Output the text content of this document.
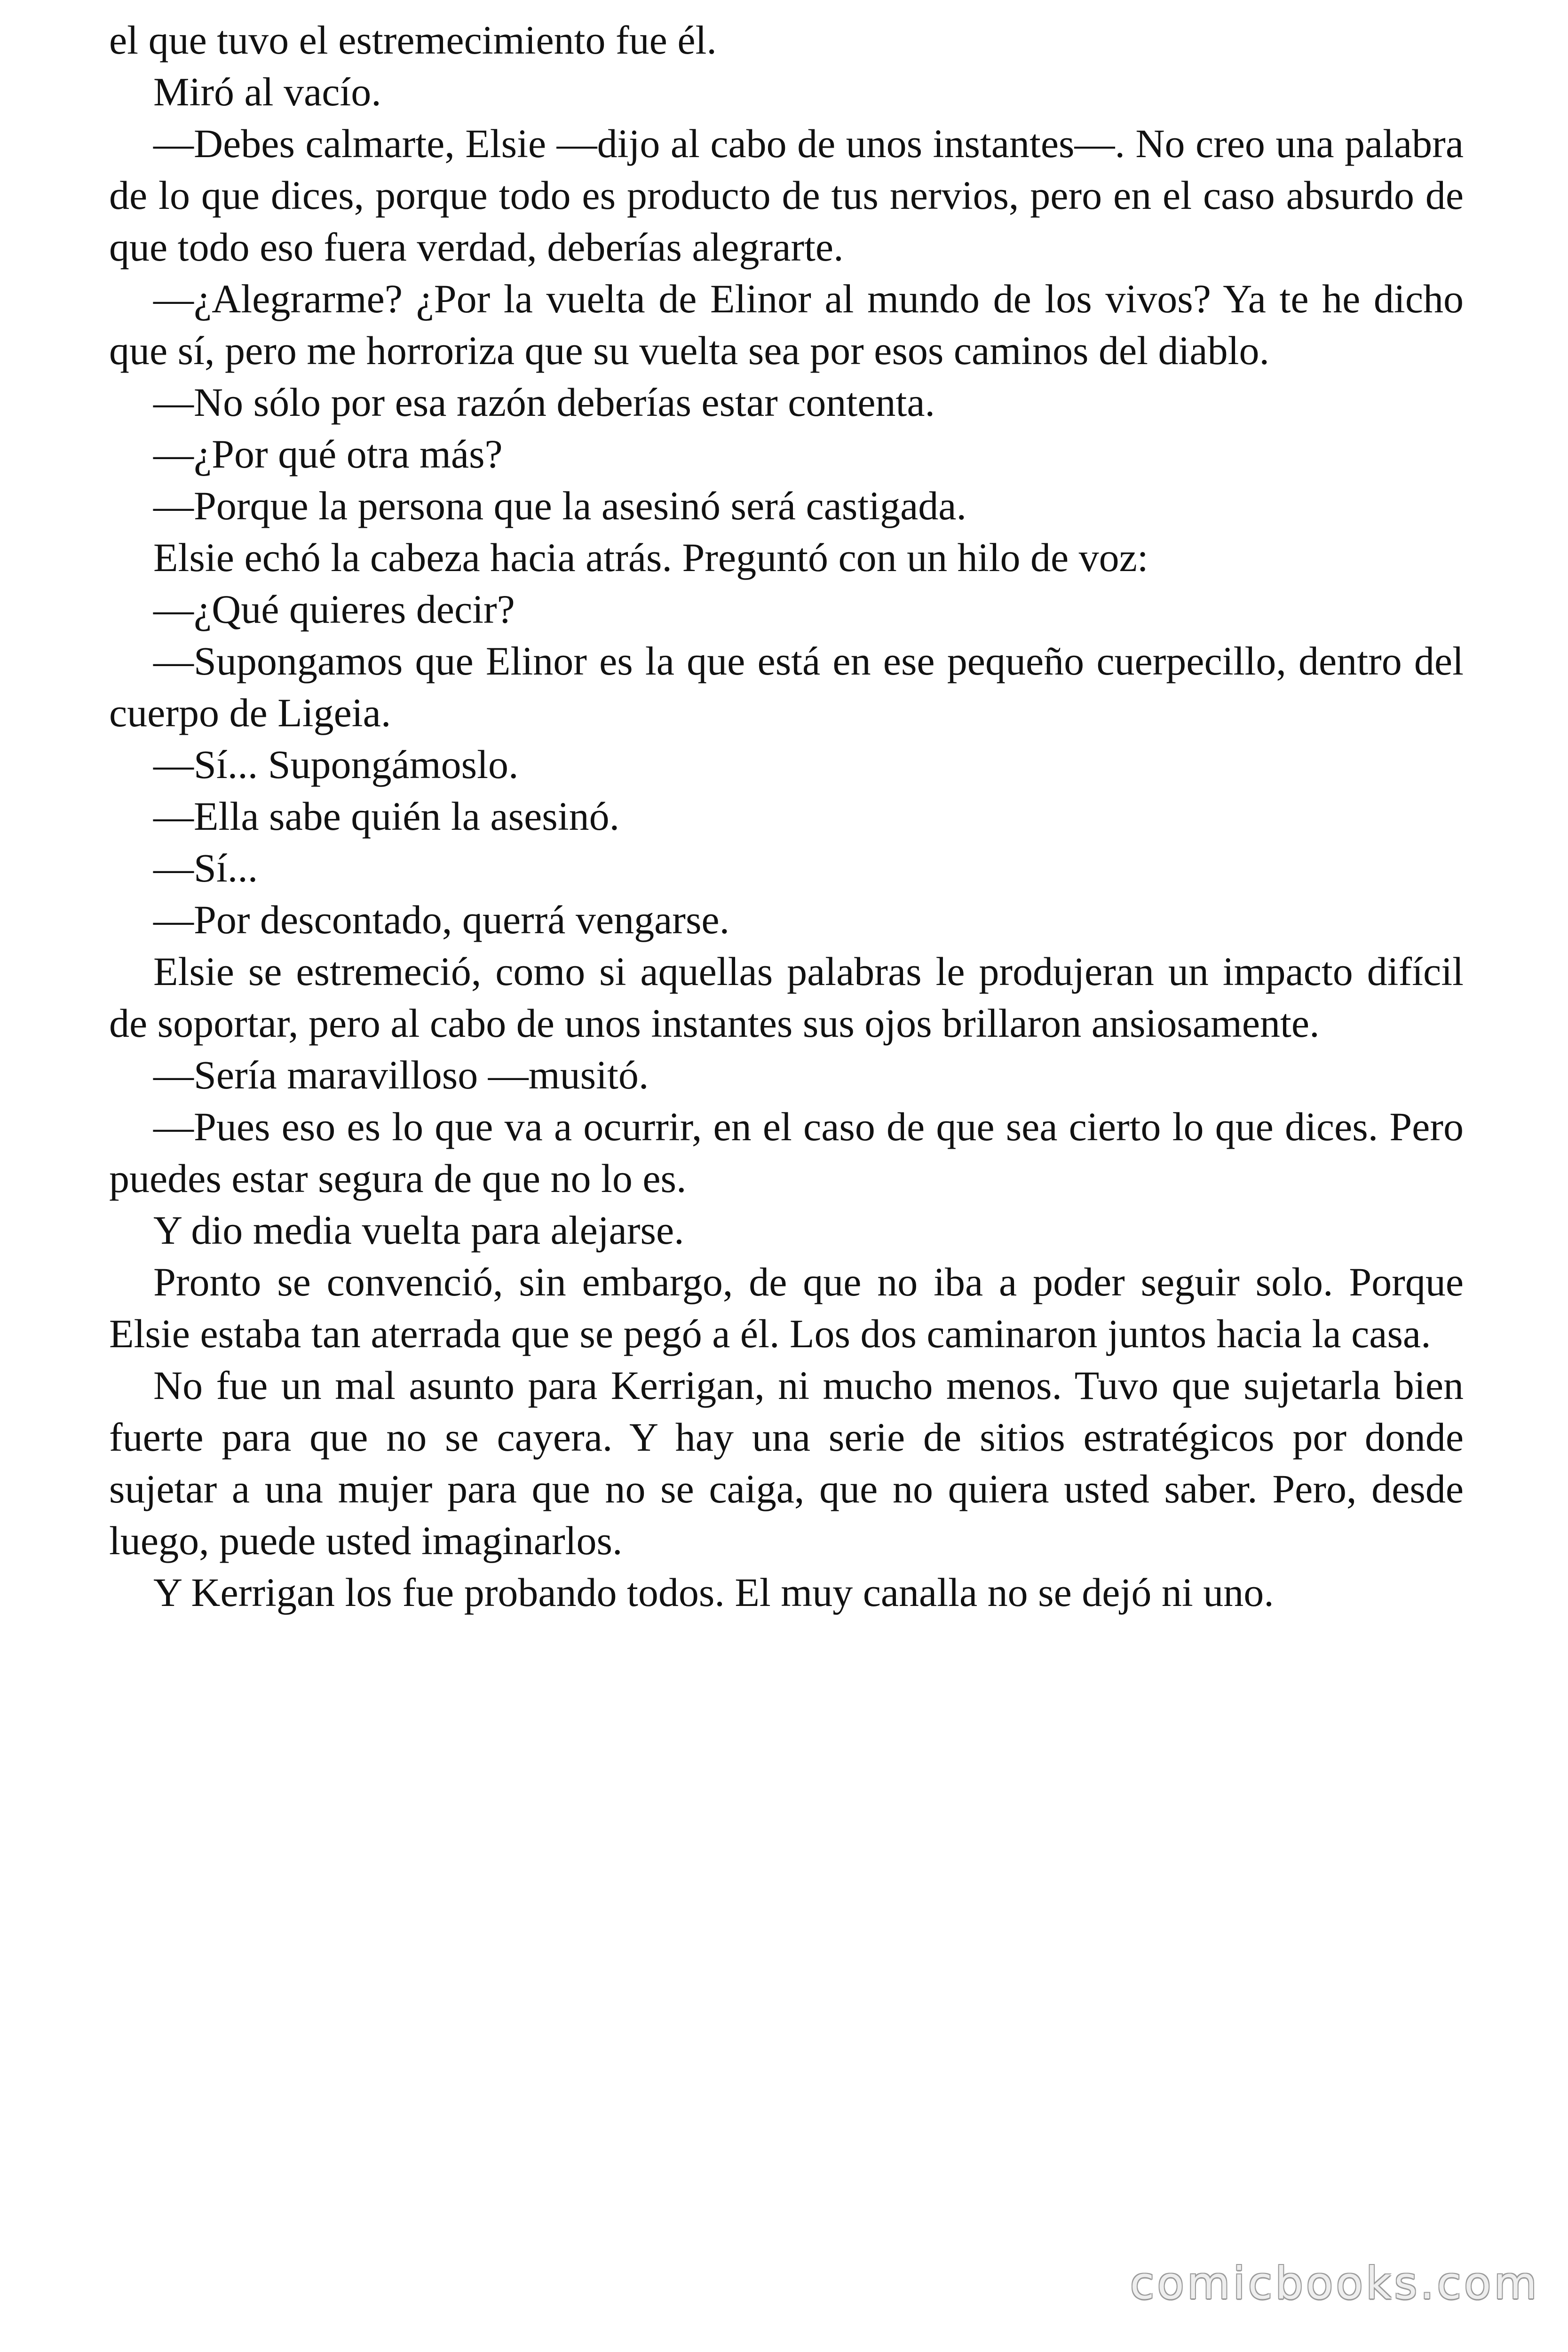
el que tuvo el estremecimiento fue él.

Miró al vacío.

—Debes calmarte, Elsie —dijo al cabo de unos instantes—. No creo una palabra de lo que dices, porque todo es producto de tus nervios, pero en el caso absurdo de que todo eso fuera verdad, deberías alegrarte.

—¿Alegrarme? ¿Por la vuelta de Elinor al mundo de los vivos? Ya te he dicho que sí, pero me horroriza que su vuelta sea por esos caminos del diablo.

—No sólo por esa razón deberías estar contenta.

—¿Por qué otra más?

—Porque la persona que la asesinó será castigada.

Elsie echó la cabeza hacia atrás. Preguntó con un hilo de voz:

—¿Qué quieres decir?

—Supongamos que Elinor es la que está en ese pequeño cuerpecillo, dentro del cuerpo de Ligeia.

—Sí... Supongámoslo.

—Ella sabe quién la asesinó.

—Sí...

—Por descontado, querrá vengarse.

Elsie se estremeció, como si aquellas palabras le produjeran un impacto difícil de soportar, pero al cabo de unos instantes sus ojos brillaron ansiosamente.

—Sería maravilloso —musitó.

—Pues eso es lo que va a ocurrir, en el caso de que sea cierto lo que dices. Pero puedes estar segura de que no lo es.

Y dio media vuelta para alejarse.

Pronto se convenció, sin embargo, de que no iba a poder seguir solo. Porque Elsie estaba tan aterrada que se pegó a él. Los dos caminaron juntos hacia la casa.

No fue un mal asunto para Kerrigan, ni mucho menos. Tuvo que sujetarla bien fuerte para que no se cayera. Y hay una serie de sitios estratégicos por donde sujetar a una mujer para que no se caiga, que no quiera usted saber. Pero, desde luego, puede usted imaginarlos.

Y Kerrigan los fue probando todos. El muy canalla no se dejó ni uno.

comicbooks.com
